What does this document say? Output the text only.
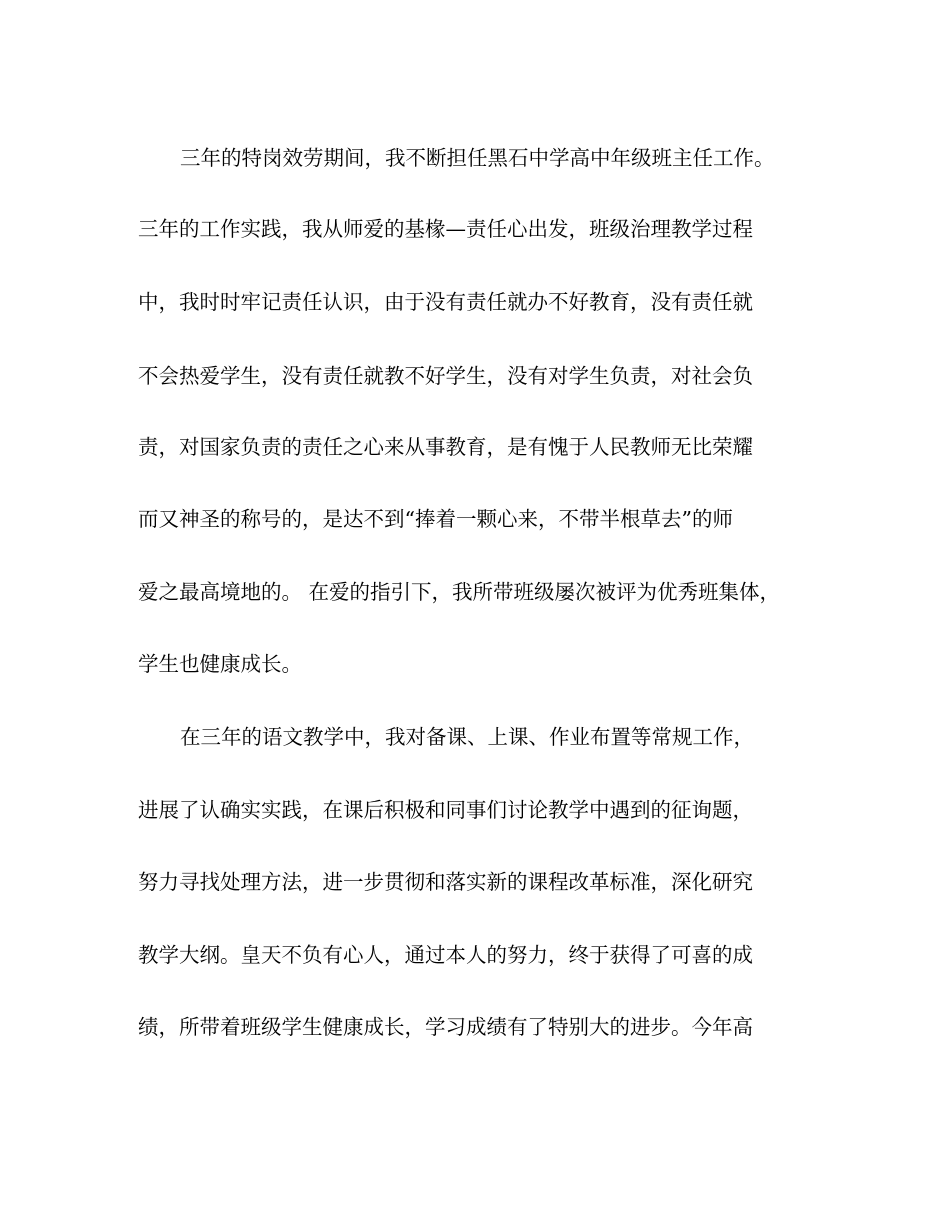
三年的特岗效劳期间，我不断担任黑石中学高中年级班主任工作。
三年的工作实践，我从师爱的基椽—责任心出发，班级治理教学过程
中，我时时牢记责任认识，由于没有责任就办不好教育，没有责任就
不会热爱学生，没有责任就教不好学生，没有对学生负责，对社会负
责，对国家负责的责任之心来从事教育，是有愧于人民教师无比荣耀
而又神圣的称号的，是达不到“捧着一颗心来，不带半根草去”的师
爱之最高境地的。 在爱的指引下，我所带班级屡次被评为优秀班集体，
学生也健康成长。
在三年的语文教学中，我对备课、上课、作业布置等常规工作，
进展了认确实实践，在课后积极和同事们讨论教学中遇到的征询题，
努力寻找处理方法，进一步贯彻和落实新的课程改革标准，深化研究
教学大纲。皇天不负有心人，通过本人的努力，终于获得了可喜的成
绩，所带着班级学生健康成长，学习成绩有了特别大的进步。今年高
